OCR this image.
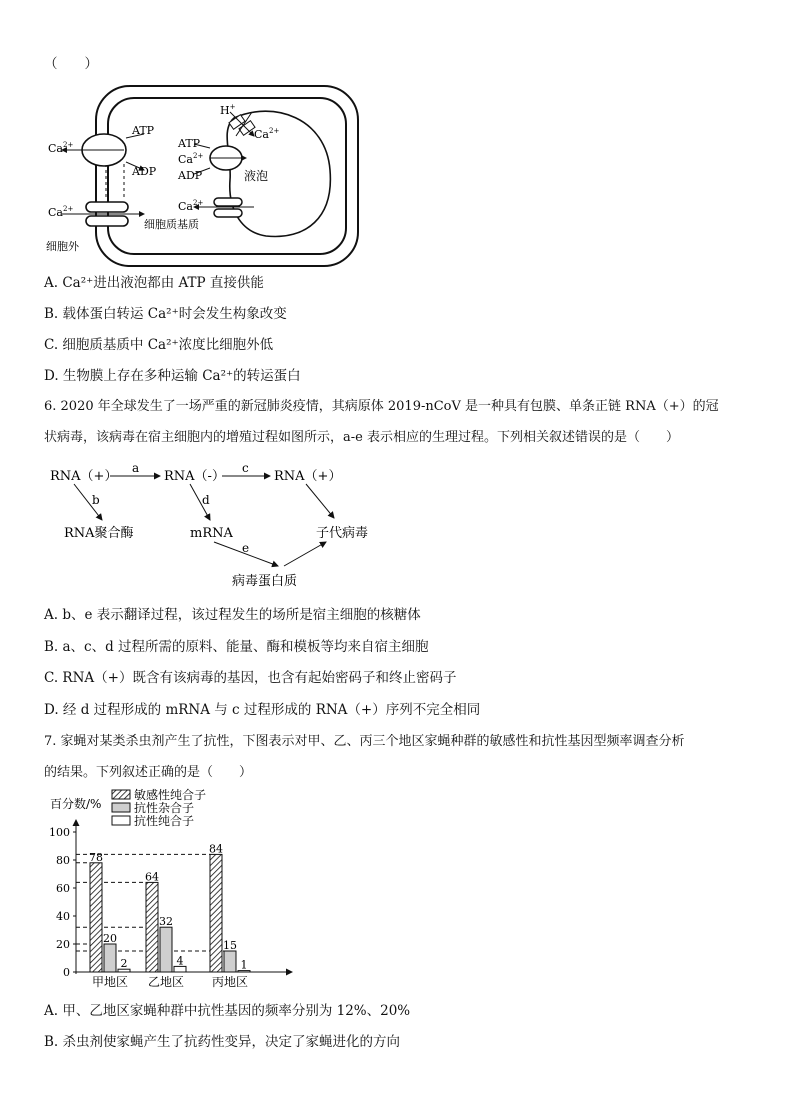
（　　）
$Ca^{2+}$
ATP
ADP
$Ca^{2+}$
ATP
$Ca^{2+}$
ADP
H+
$Ca^{2+}$
液泡
$Ca^{2+}$
细胞质基质
细胞外
A. Ca²⁺进出液泡都由 ATP 直接供能
B. 载体蛋白转运 Ca²⁺时会发生构象改变
C. 细胞质基质中 Ca²⁺浓度比细胞外低
D. 生物膜上存在多种运输 Ca²⁺的转运蛋白
6. 2020 年全球发生了一场严重的新冠肺炎疫情，其病原体 2019-nCoV 是一种具有包膜、单条正链 RNA（+）的冠
状病毒，该病毒在宿主细胞内的增殖过程如图所示，a-e 表示相应的生理过程。下列相关叙述错误的是（　　）
RNA（+）	RNA（-）	RNA（+）
a	c
b	d
RNA聚合酶	mRNA	子代病毒
e
病毒蛋白质
A. b、e 表示翻译过程，该过程发生的场所是宿主细胞的核糖体
B. a、c、d 过程所需的原料、能量、酶和模板等均来自宿主细胞
C. RNA（+）既含有该病毒的基因，也含有起始密码子和终止密码子
D. 经 d 过程形成的 mRNA 与 c 过程形成的 RNA（+）序列不完全相同
7. 家蝇对某类杀虫剂产生了抗性，下图表示对甲、乙、丙三个地区家蝇种群的敏感性和抗性基因型频率调查分析
的结果。下列叙述正确的是（　　）
百分数/%
敏感性纯合子
抗性杂合子
抗性纯合子
0
20
40
60
80
100
78
20
2
64
32
4
84
15
1
甲地区 乙地区 丙地区
A. 甲、乙地区家蝇种群中抗性基因的频率分别为 12%、20%
B. 杀虫剂使家蝇产生了抗药性变异，决定了家蝇进化的方向
